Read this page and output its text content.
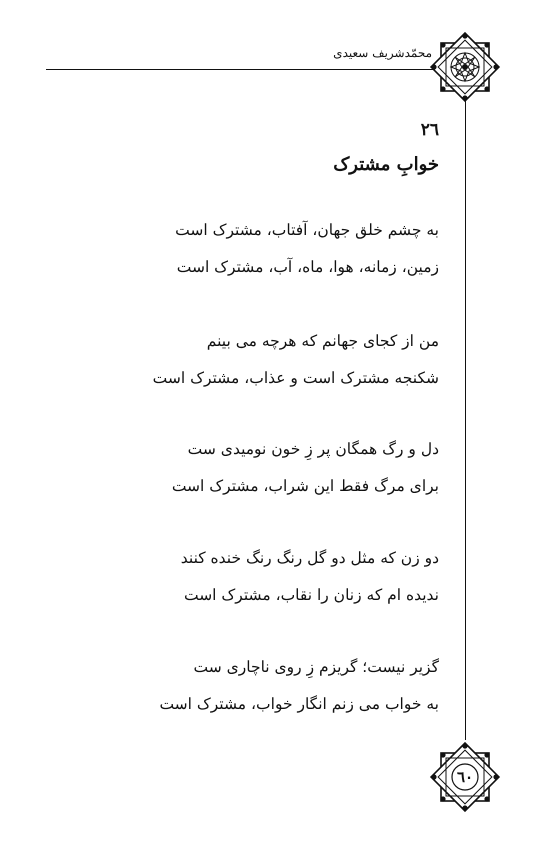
محمّدشریف سعیدی
٦٠
٢٦
خوابِ مشترک
به چشم خلق جهان، آفتاب، مشترک است
زمین، زمانه، هوا، ماه، آب، مشترک است
من از کجای جهانم که هرچه می بینم
شکنجه مشترک است و عذاب، مشترک است
دل و رگ همگان پر زِ خون نومیدی ست
برای مرگ فقط این شراب، مشترک است
دو زن که مثل دو گل رنگ رنگ خنده کنند
ندیده ام که زنان را نقاب، مشترک است
گزیر نیست؛ گریزم زِ روی ناچاری ست
به خواب می زنم انگار خواب، مشترک است
